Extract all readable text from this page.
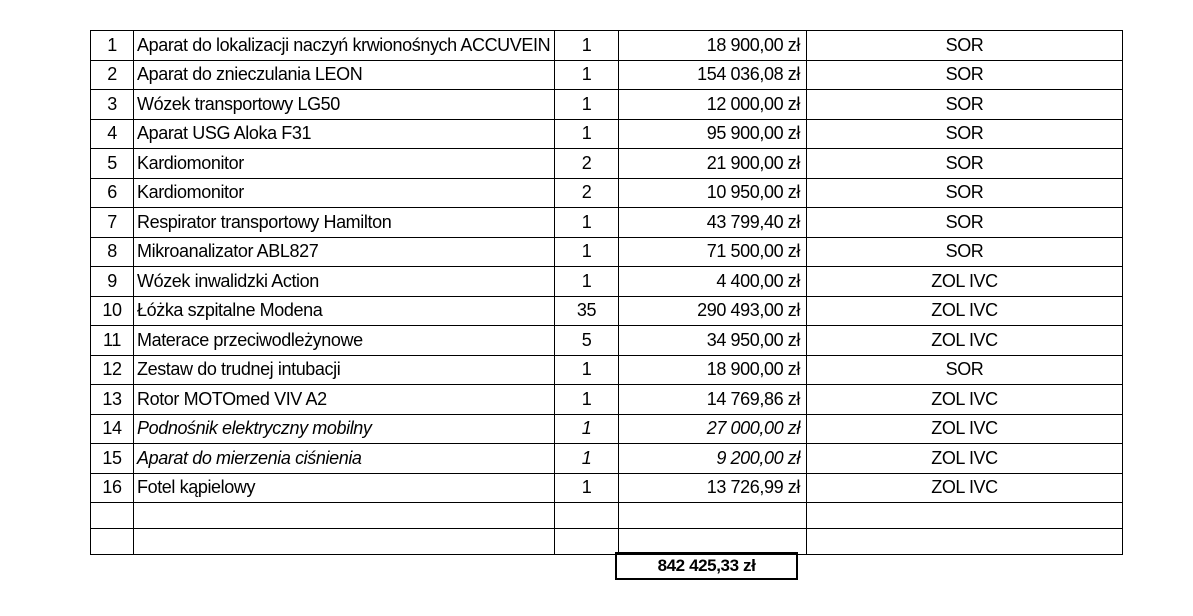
1	Aparat do lokalizacji naczyń krwionośnych ACCUVEIN	1	18 900,00 zł	SOR
2	Aparat do znieczulania LEON	1	154 036,08 zł	SOR
3	Wózek transportowy LG50	1	12 000,00 zł	SOR
4	Aparat USG Aloka F31	1	95 900,00 zł	SOR
5	Kardiomonitor	2	21 900,00 zł	SOR
6	Kardiomonitor	2	10 950,00 zł	SOR
7	Respirator transportowy Hamilton	1	43 799,40 zł	SOR
8	Mikroanalizator ABL827	1	71 500,00 zł	SOR
9	Wózek inwalidzki Action	1	4 400,00 zł	ZOL IVC
10	Łóżka szpitalne Modena	35	290 493,00 zł	ZOL IVC
11	Materace przeciwodleżynowe	5	34 950,00 zł	ZOL IVC
12	Zestaw do trudnej intubacji	1	18 900,00 zł	SOR
13	Rotor MOTOmed VIV A2	1	14 769,86 zł	ZOL IVC
14	Podnośnik elektryczny mobilny	1	27 000,00 zł	ZOL IVC
15	Aparat do mierzenia ciśnienia	1	9 200,00 zł	ZOL IVC
16	Fotel kąpielowy	1	13 726,99 zł	ZOL IVC

842 425,33 zł
